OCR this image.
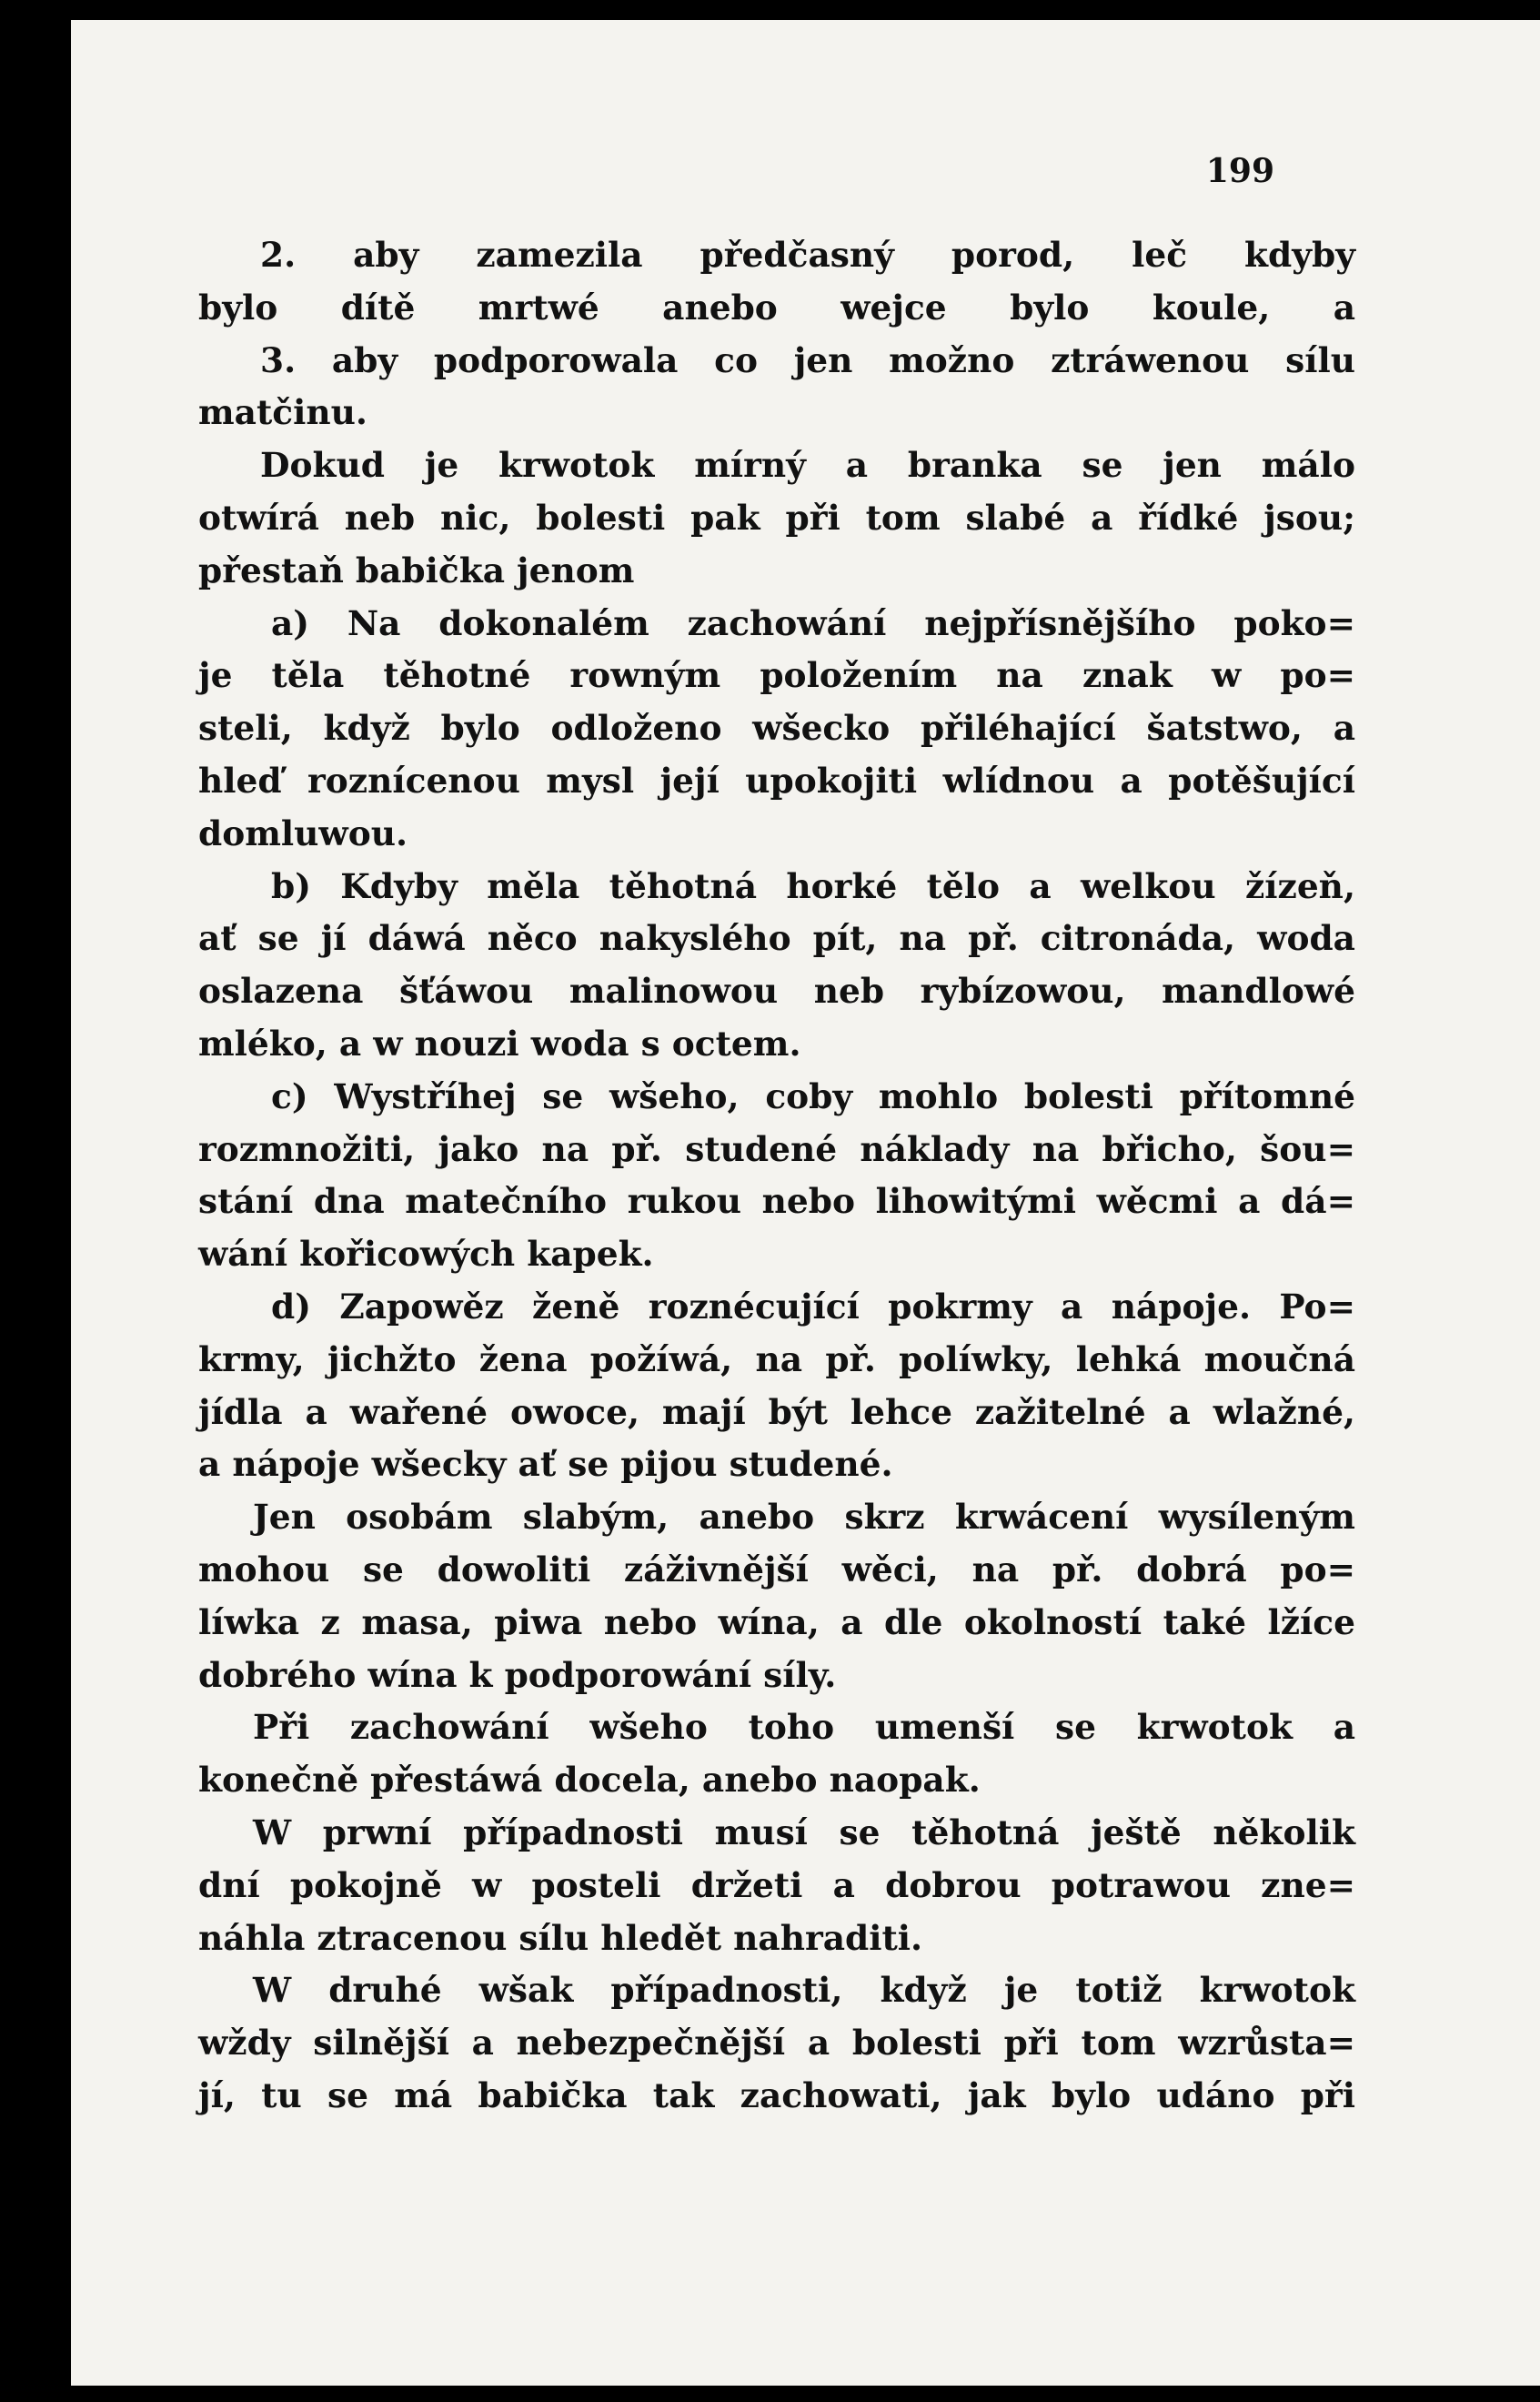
199
2. aby zamezila předčasný porod, leč kdyby
bylo dítě mrtwé anebo wejce bylo koule, a
3. aby podporowala co jen možno ztráwenou sílu
matčinu.
Dokud je krwotok mírný a branka se jen málo
otwírá neb nic, bolesti pak při tom slabé a řídké jsou;
přestaň babička jenom
a) Na dokonalém zachowání nejpřísnějšího poko=
je těla těhotné rowným položením na znak w po=
steli, když bylo odloženo wšecko přiléhající šatstwo, a
hleď roznícenou mysl její upokojiti wlídnou a potěšující
domluwou.
b) Kdyby měla těhotná horké tělo a welkou žízeň,
ať se jí dáwá něco nakyslého pít, na př. citronáda, woda
oslazena šťáwou malinowou neb rybízowou, mandlowé
mléko, a w nouzi woda s octem.
c) Wystříhej se wšeho, coby mohlo bolesti přítomné
rozmnožiti, jako na př. studené náklady na břicho, šou=
stání dna matečního rukou nebo lihowitými wěcmi a dá=
wání kořicowých kapek.
d) Zapowěz ženě roznécující pokrmy a nápoje. Po=
krmy, jichžto žena požíwá, na př. políwky, lehká moučná
jídla a wařené owoce, mají být lehce zažitelné a wlažné,
a nápoje wšecky ať se pijou studené.
Jen osobám slabým, anebo skrz krwácení wysíleným
mohou se dowoliti záživnější wěci, na př. dobrá po=
líwka z masa, piwa nebo wína, a dle okolností také lžíce
dobrého wína k podporowání síly.
Při zachowání wšeho toho umenší se krwotok a
konečně přestáwá docela, anebo naopak.
W prwní případnosti musí se těhotná ještě několik
dní pokojně w posteli držeti a dobrou potrawou zne=
náhla ztracenou sílu hledět nahraditi.
W druhé wšak případnosti, když je totiž krwotok
wždy silnější a nebezpečnější a bolesti při tom wzrůsta=
jí, tu se má babička tak zachowati, jak bylo udáno při
